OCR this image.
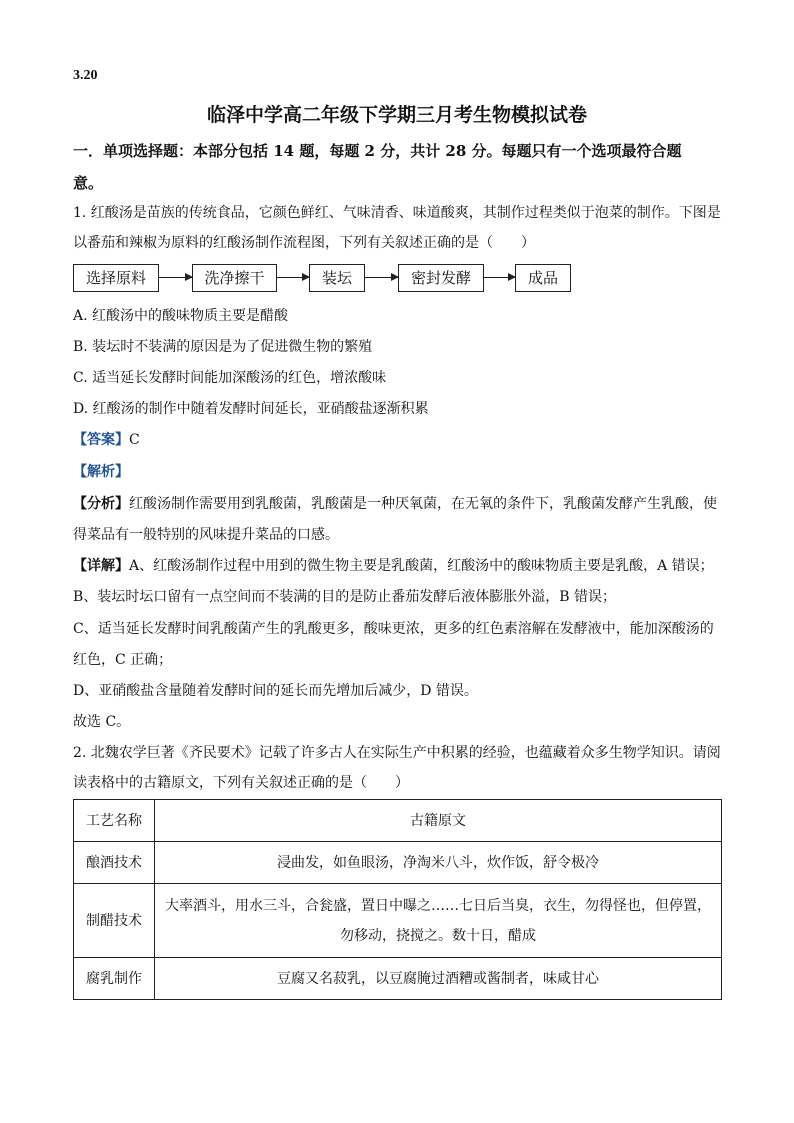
3.20
临泽中学高二年级下学期三月考生物模拟试卷
一．单项选择题：本部分包括 14 题，每题 2 分，共计 28 分。每题只有一个选项最符合题
意。
1. 红酸汤是苗族的传统食品，它颜色鲜红、气味清香、味道酸爽，其制作过程类似于泡菜的制作。下图是
以番茄和辣椒为原料的红酸汤制作流程图，下列有关叙述正确的是（　　）
选择原料	洗净擦干	装坛	密封发酵	成品
A. 红酸汤中的酸味物质主要是醋酸
B. 装坛时不装满的原因是为了促进微生物的繁殖
C. 适当延长发酵时间能加深酸汤的红色，增浓酸味
D. 红酸汤的制作中随着发酵时间延长，亚硝酸盐逐渐积累
【答案】C
【解析】
【分析】红酸汤制作需要用到乳酸菌，乳酸菌是一种厌氧菌，在无氧的条件下，乳酸菌发酵产生乳酸，使
得菜品有一般特别的风味提升菜品的口感。
【详解】A、红酸汤制作过程中用到的微生物主要是乳酸菌，红酸汤中的酸味物质主要是乳酸，A 错误；
B、装坛时坛口留有一点空间而不装满的目的是防止番茄发酵后液体膨胀外溢，B 错误；
C、适当延长发酵时间乳酸菌产生的乳酸更多，酸味更浓，更多的红色素溶解在发酵液中，能加深酸汤的
红色，C 正确；
D、亚硝酸盐含量随着发酵时间的延长而先增加后减少，D 错误。
故选 C。
2. 北魏农学巨著《齐民要术》记载了许多古人在实际生产中积累的经验，也蕴藏着众多生物学知识。请阅
读表格中的古籍原文，下列有关叙述正确的是（　　）
工艺名称	古籍原文
酿酒技术	浸曲发，如鱼眼汤，净淘米八斗，炊作饭，舒令极冷
制醋技术	大率酒斗，用水三斗，合瓮盛，置日中曝之……七日后当臭，衣生，勿得怪也，但停置，
勿移动，挠搅之。数十日，醋成

腐乳制作	豆腐又名菽乳，以豆腐腌过酒糟或酱制者，味咸甘心
